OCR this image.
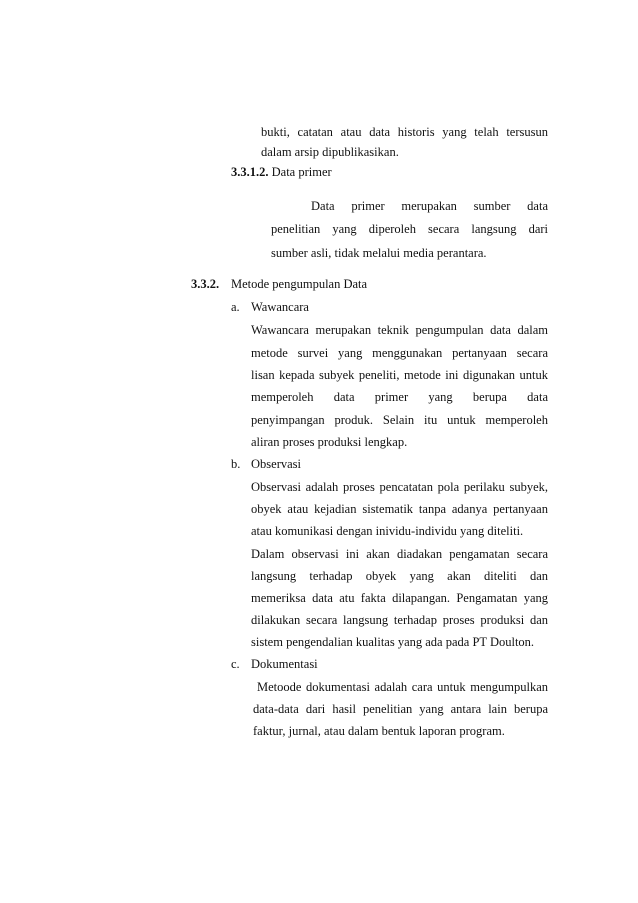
bukti, catatan atau data historis yang telah tersusun
dalam arsip dipublikasikan.
3.3.1.2. Data primer
Data primer merupakan sumber data
penelitian yang diperoleh secara langsung dari
sumber asli, tidak melalui media perantara.
3.3.2. Metode pengumpulan Data
a. Wawancara
Wawancara merupakan teknik pengumpulan data dalam
metode survei yang menggunakan pertanyaan secara
lisan kepada subyek peneliti, metode ini digunakan untuk
memperoleh data primer yang berupa data
penyimpangan produk. Selain itu untuk memperoleh
aliran proses produksi lengkap.
b. Observasi
Observasi adalah proses pencatatan pola perilaku subyek,
obyek atau kejadian sistematik tanpa adanya pertanyaan
atau komunikasi dengan inividu-individu yang diteliti.
Dalam observasi ini akan diadakan pengamatan secara
langsung terhadap obyek yang akan diteliti dan
memeriksa data atu fakta dilapangan. Pengamatan yang
dilakukan secara langsung terhadap proses produksi dan
sistem pengendalian kualitas yang ada pada PT Doulton.
c. Dokumentasi
Metoode dokumentasi adalah cara untuk mengumpulkan
data-data dari hasil penelitian yang antara lain berupa
faktur, jurnal, atau dalam bentuk laporan program.
